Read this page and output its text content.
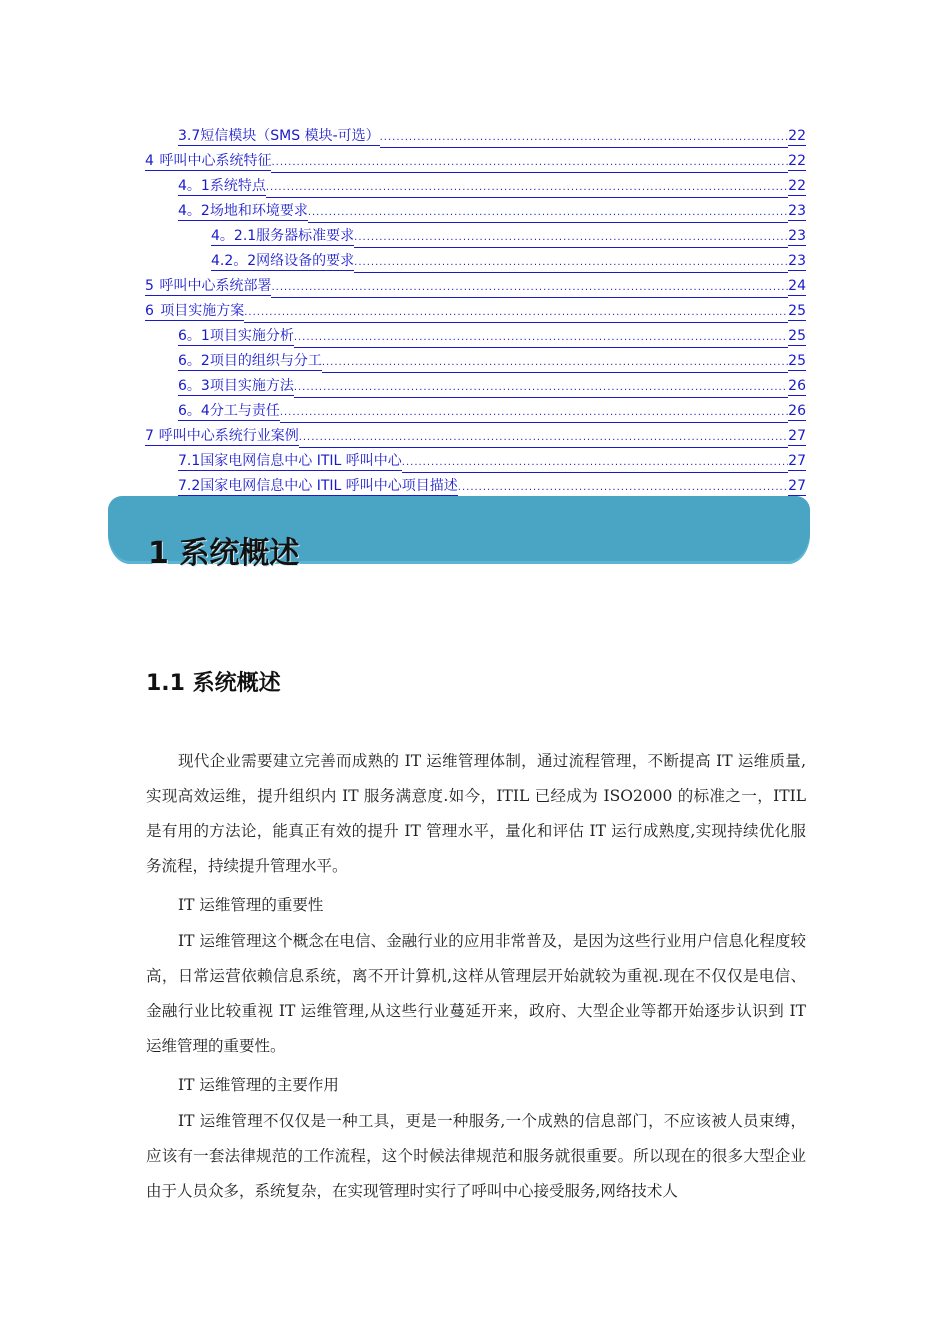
3.7 短信模块（SMS 模块-可选） .....	22
4 呼叫中心系统特征 .....	22
4。1 系统特点 .....	22
4。2 场地和环境要求 .....	23
4。2.1 服务器标准要求 .....	23
4.2。2 网络设备的要求 .....	23
5 呼叫中心系统部署 .....	24
6 项目实施方案 .....	25
6。1 项目实施分析 .....	25
6。2 项目的组织与分工 .....	25
6。3 项目实施方法 .....	26
6。4 分工与责任 .....	26
7 呼叫中心系统行业案例 .....	27
7.1 国家电网信息中心 ITIL 呼叫中心 .....	27
7.2 国家电网信息中心 ITIL 呼叫中心项目描述 .....	27
1 系统概述
1.1 系统概述

现代企业需要建立完善而成熟的 IT 运维管理体制，通过流程管理，不断提高 IT 运维质量,实现高效运维，提升组织内 IT 服务满意度.如今，ITIL 已经成为 ISO2000 的标准之一，ITIL 是有用的方法论，能真正有效的提升 IT 管理水平，量化和评估 IT 运行成熟度,实现持续优化服务流程，持续提升管理水平。

IT 运维管理的重要性

IT 运维管理这个概念在电信、金融行业的应用非常普及，是因为这些行业用户信息化程度较高，日常运营依赖信息系统，离不开计算机,这样从管理层开始就较为重视.现在不仅仅是电信、金融行业比较重视 IT 运维管理,从这些行业蔓延开来，政府、大型企业等都开始逐步认识到 IT 运维管理的重要性。

IT 运维管理的主要作用

IT 运维管理不仅仅是一种工具，更是一种服务,一个成熟的信息部门，不应该被人员束缚，应该有一套法律规范的工作流程，这个时候法律规范和服务就很重要。所以现在的很多大型企业由于人员众多，系统复杂，在实现管理时实行了呼叫中心接受服务,网络技术人
